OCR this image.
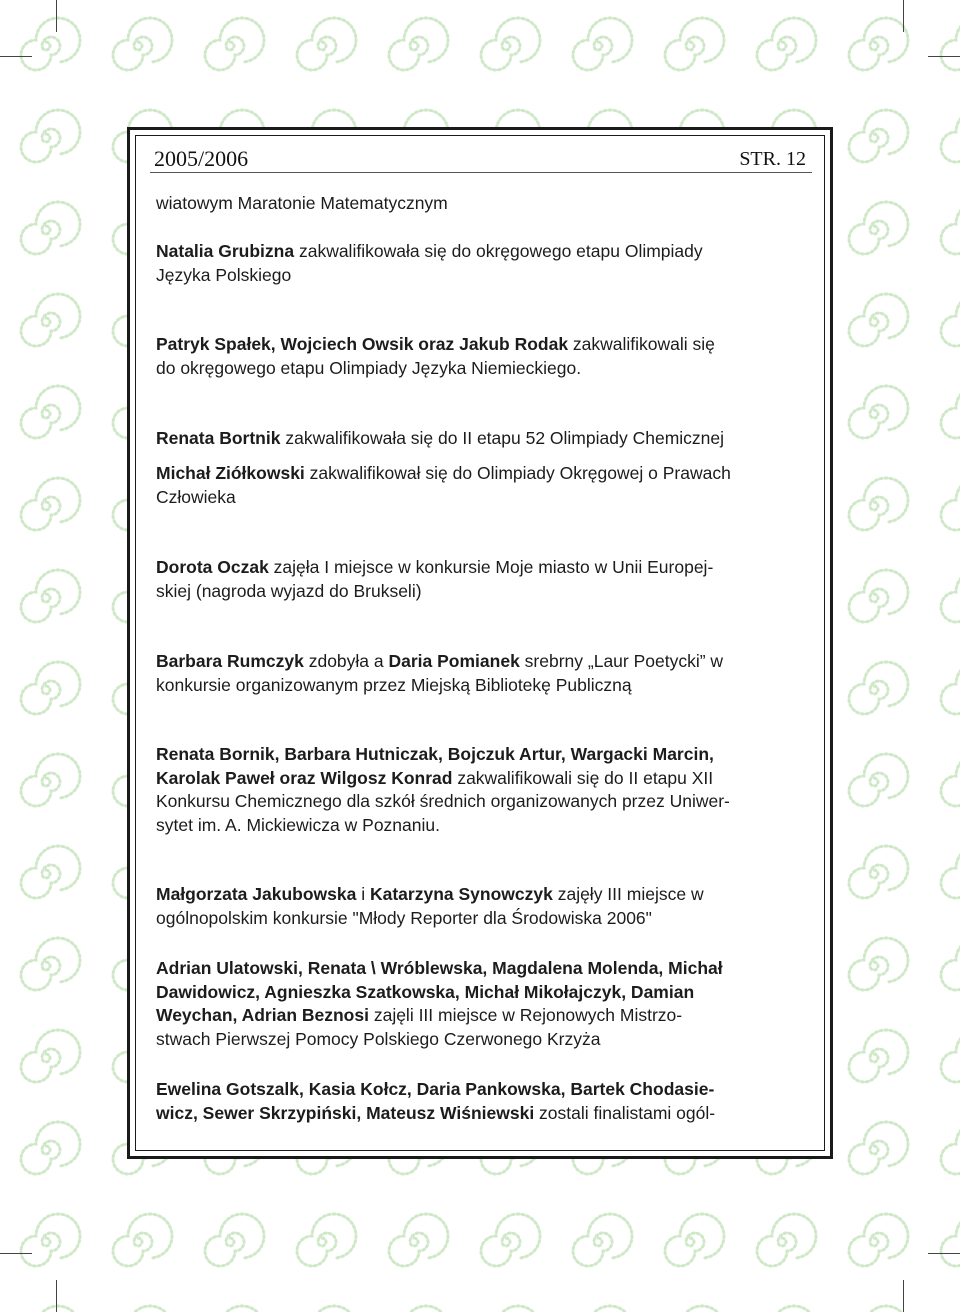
2005/2006	STR. 12

wiatowym Maratonie Matematycznym

Natalia Grubizna zakwalifikowała się do okręgowego etapu Olimpiady
Języka Polskiego

Patryk Spałek, Wojciech Owsik oraz Jakub Rodak zakwalifikowali się
do okręgowego etapu Olimpiady Języka Niemieckiego.

Renata Bortnik zakwalifikowała się do II etapu 52 Olimpiady Chemicznej

Michał Ziółkowski zakwalifikował się do Olimpiady Okręgowej o Prawach
Człowieka

Dorota Oczak zajęła I miejsce w konkursie Moje miasto w Unii Europej-
skiej (nagroda wyjazd do Brukseli)

Barbara Rumczyk zdobyła a Daria Pomianek srebrny „Laur Poetycki” w
konkursie organizowanym przez Miejską Bibliotekę Publiczną

Renata Bornik, Barbara Hutniczak, Bojczuk Artur, Wargacki Marcin,
Karolak Paweł oraz Wilgosz Konrad zakwalifikowali się do II etapu XII
Konkursu Chemicznego dla szkół średnich organizowanych przez Uniwer-
sytet im. A. Mickiewicza w Poznaniu.

Małgorzata Jakubowska i Katarzyna Synowczyk zajęły III miejsce w
ogólnopolskim konkursie "Młody Reporter dla Środowiska 2006"

Adrian Ulatowski, Renata \ Wróblewska, Magdalena Molenda, Michał
Dawidowicz, Agnieszka Szatkowska, Michał Mikołajczyk, Damian
Weychan, Adrian Beznosi zajęli III miejsce w Rejonowych Mistrzo-
stwach Pierwszej Pomocy Polskiego Czerwonego Krzyża

Ewelina Gotszalk, Kasia Kołcz, Daria Pankowska, Bartek Chodasie-
wicz, Sewer Skrzypiński, Mateusz Wiśniewski zostali finalistami ogól-
